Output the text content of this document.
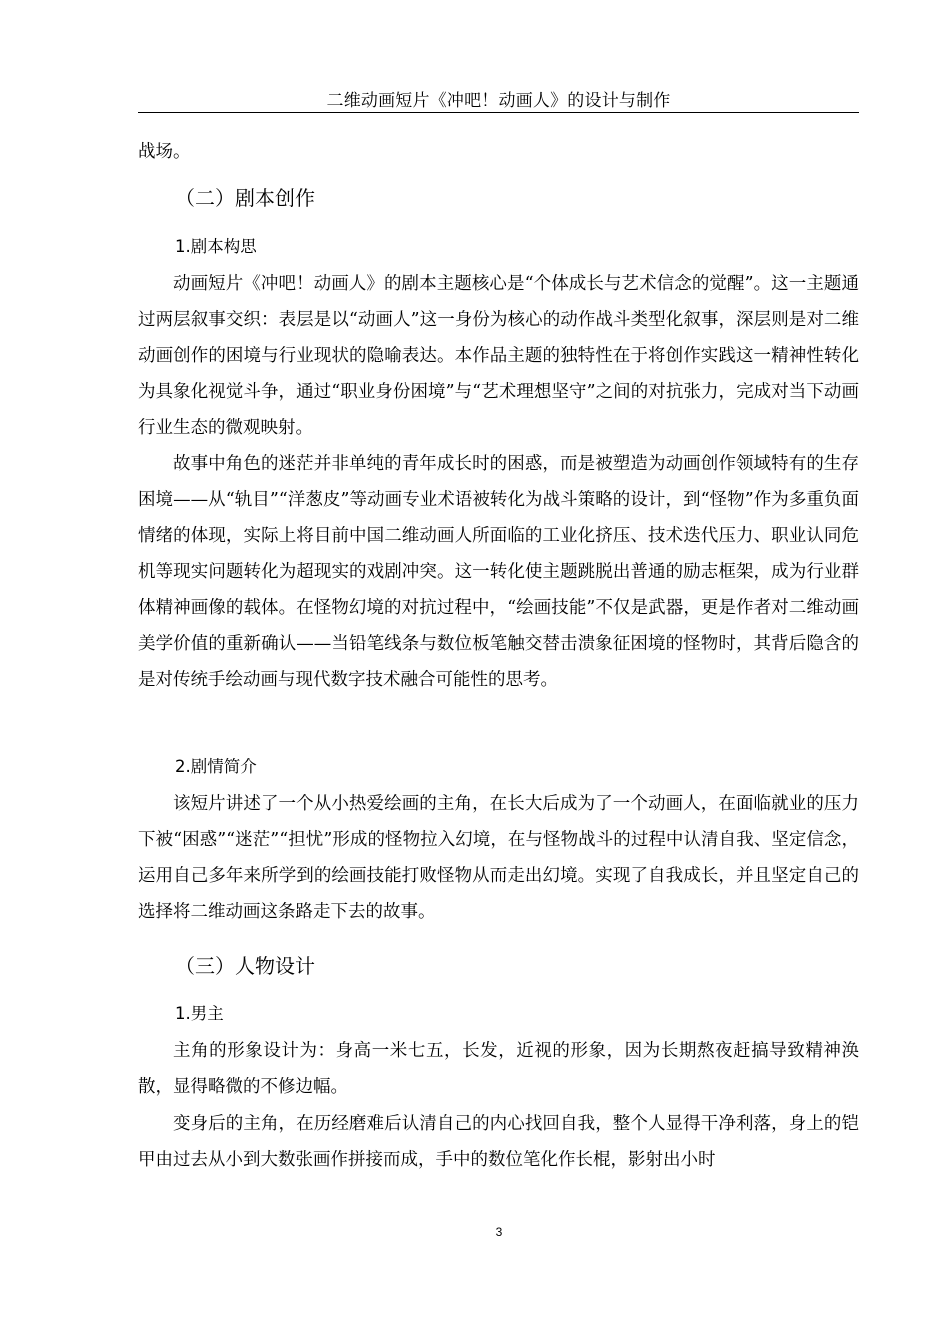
二维动画短片《冲吧！动画人》的设计与制作

战场。

（二）剧本创作
1.剧本构思

动画短片《冲吧！动画人》的剧本主题核心是“个体成长与艺术信念的觉醒”。这一主题通过两层叙事交织：表层是以“动画人”这一身份为核心的动作战斗类型化叙事，深层则是对二维动画创作的困境与行业现状的隐喻表达。本作品主题的独特性在于将创作实践这一精神性转化为具象化视觉斗争，通过“职业身份困境”与“艺术理想坚守”之间的对抗张力，完成对当下动画行业生态的微观映射。

故事中角色的迷茫并非单纯的青年成长时的困惑，而是被塑造为动画创作领域特有的生存困境——从“轨目”“洋葱皮”等动画专业术语被转化为战斗策略的设计，到“怪物”作为多重负面情绪的体现，实际上将目前中国二维动画人所面临的工业化挤压、技术迭代压力、职业认同危机等现实问题转化为超现实的戏剧冲突。这一转化使主题跳脱出普通的励志框架，成为行业群体精神画像的载体。在怪物幻境的对抗过程中，“绘画技能”不仅是武器，更是作者对二维动画美学价值的重新确认——当铅笔线条与数位板笔触交替击溃象征困境的怪物时，其背后隐含的是对传统手绘动画与现代数字技术融合可能性的思考。

2.剧情简介

该短片讲述了一个从小热爱绘画的主角，在长大后成为了一个动画人，在面临就业的压力下被“困惑”“迷茫”“担忧”形成的怪物拉入幻境，在与怪物战斗的过程中认清自我、坚定信念，运用自己多年来所学到的绘画技能打败怪物从而走出幻境。实现了自我成长，并且坚定自己的选择将二维动画这条路走下去的故事。

（三）人物设计
1.男主

主角的形象设计为：身高一米七五，长发，近视的形象，因为长期熬夜赶搞导致精神涣散，显得略微的不修边幅。

变身后的主角，在历经磨难后认清自己的内心找回自我，整个人显得干净利落，身上的铠甲由过去从小到大数张画作拼接而成，手中的数位笔化作长棍，影射出小时

3
